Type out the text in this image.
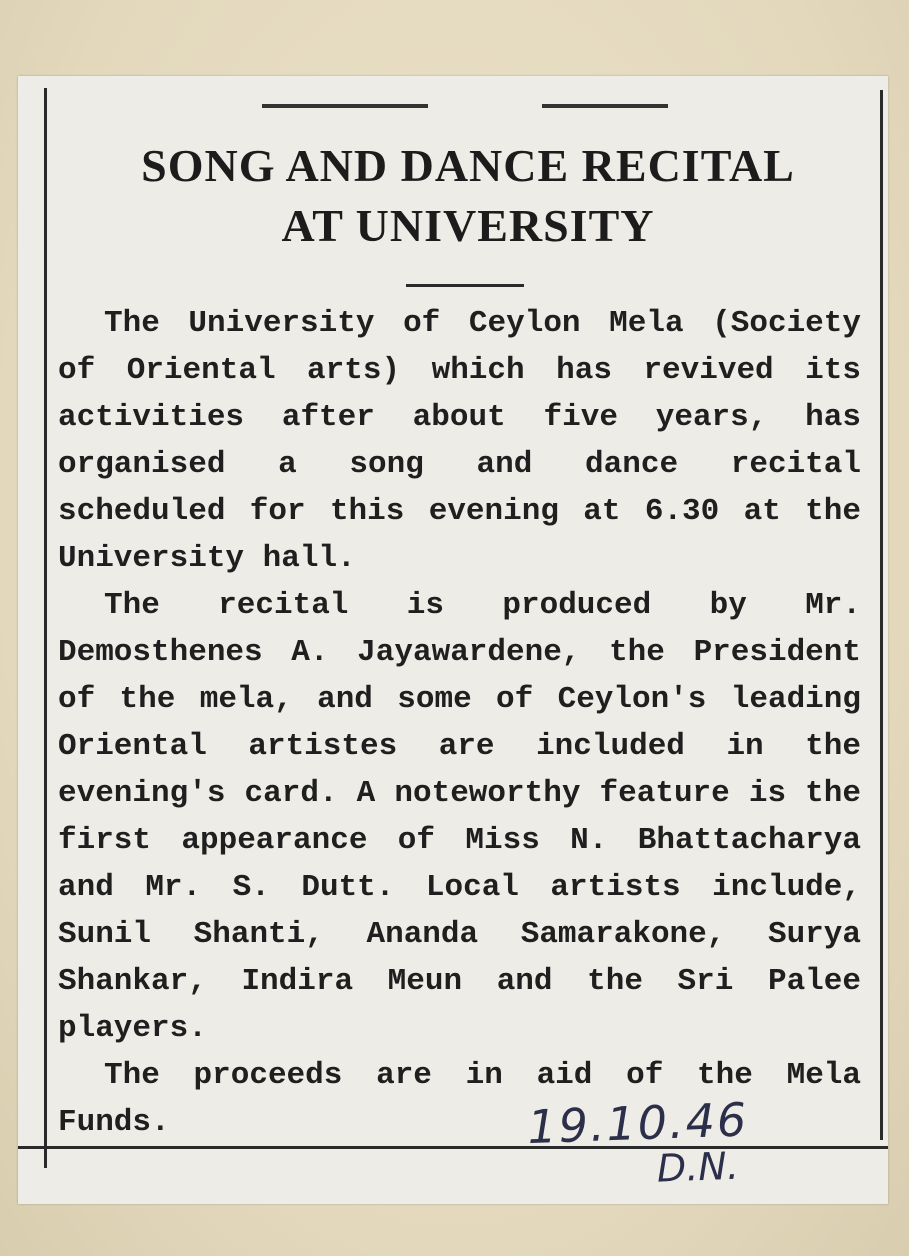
SONG AND DANCE RECITAL
AT UNIVERSITY

The University of Ceylon Mela (Society of Oriental arts) which has revived its activities after about five years, has organised a song and dance recital scheduled for this evening at 6.30 at the University hall.

The recital is produced by Mr. Demosthenes A. Jayawardene, the President of the mela, and some of Ceylon's leading Oriental artistes are included in the evening's card. A noteworthy feature is the first appearance of Miss N. Bhattacharya and Mr. S. Dutt. Local artists include, Sunil Shanti, Ananda Samarakone, Surya Shankar, Indira Meun and the Sri Palee players.

The proceeds are in aid of the Mela Funds.	19.10.46
D.N.
